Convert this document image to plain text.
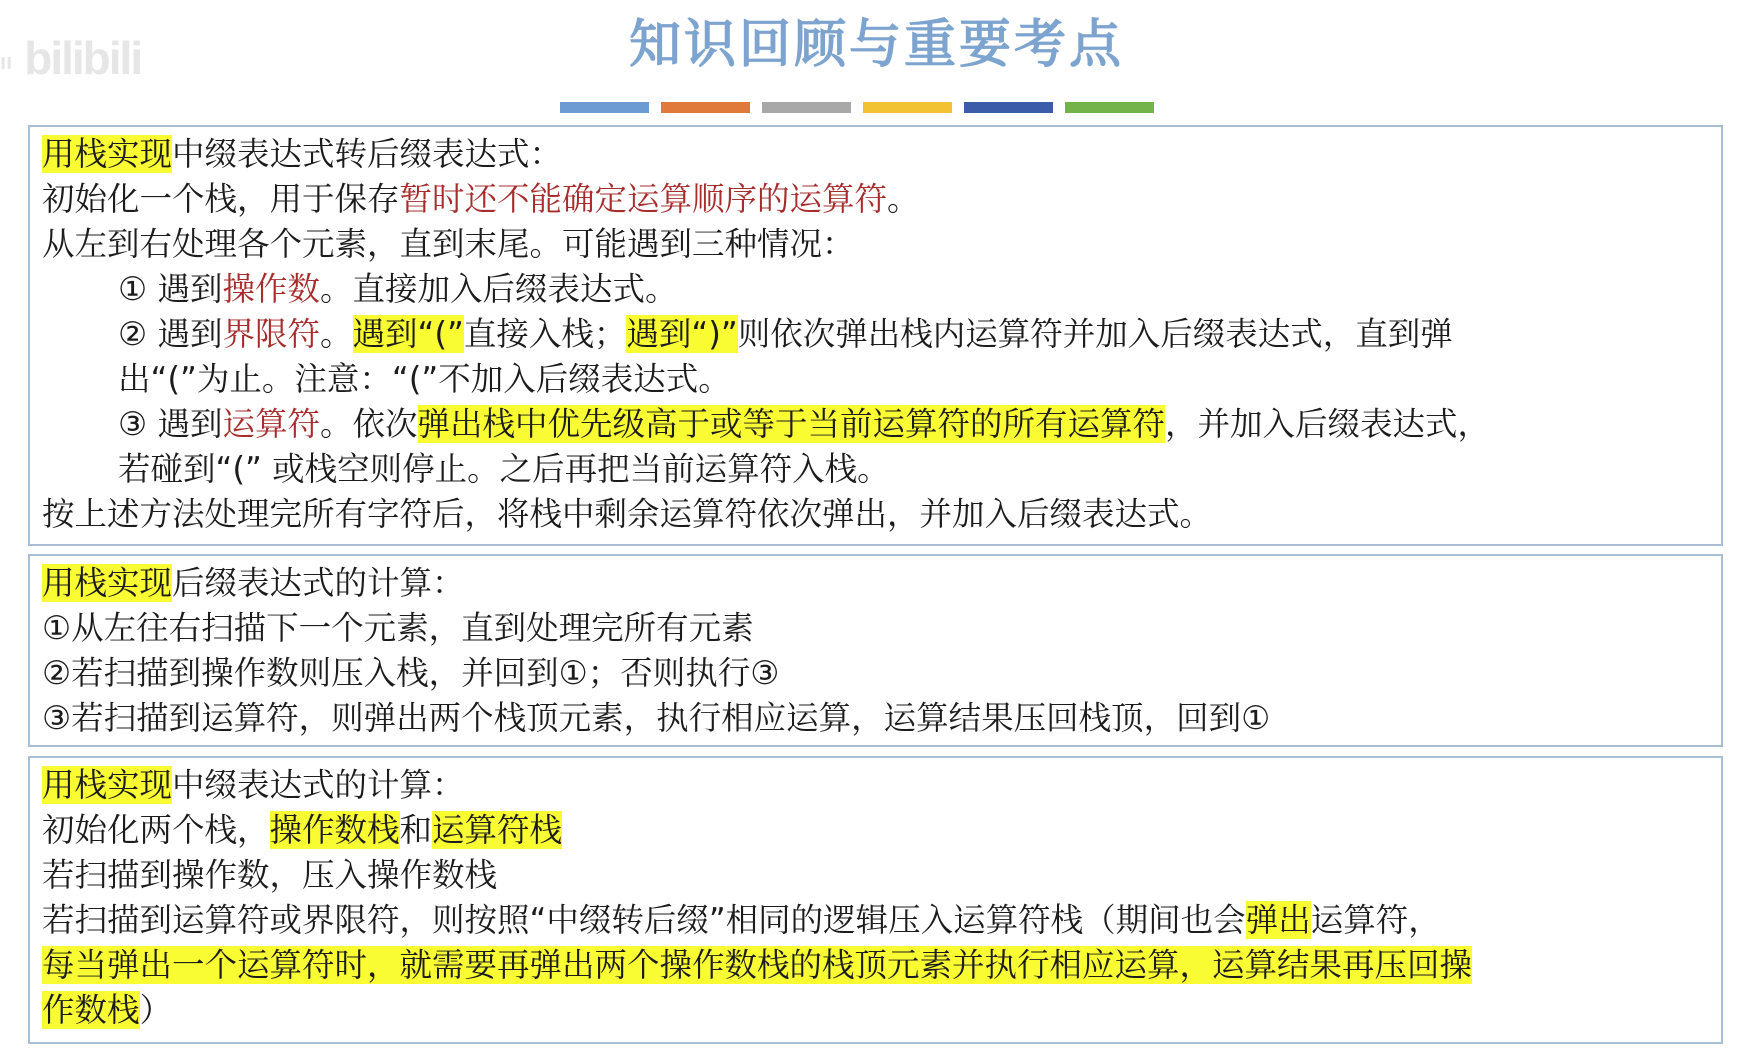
ıı bilibili	知识回顾与重要考点
用栈实现中缀表达式转后缀表达式：
初始化一个栈，用于保存暂时还不能确定运算顺序的运算符。
从左到右处理各个元素，直到末尾。可能遇到三种情况：
① 遇到操作数。直接加入后缀表达式。
② 遇到界限符。遇到“(”直接入栈；遇到“)”则依次弹出栈内运算符并加入后缀表达式，直到弹
出“(”为止。注意：“(”不加入后缀表达式。
③ 遇到运算符。依次弹出栈中优先级高于或等于当前运算符的所有运算符，并加入后缀表达式，
若碰到“(” 或栈空则停止。之后再把当前运算符入栈。
按上述方法处理完所有字符后，将栈中剩余运算符依次弹出，并加入后缀表达式。
用栈实现后缀表达式的计算：
①从左往右扫描下一个元素，直到处理完所有元素
②若扫描到操作数则压入栈，并回到①；否则执行③
③若扫描到运算符，则弹出两个栈顶元素，执行相应运算，运算结果压回栈顶，回到①
用栈实现中缀表达式的计算：
初始化两个栈，操作数栈和运算符栈
若扫描到操作数，压入操作数栈
若扫描到运算符或界限符，则按照“中缀转后缀”相同的逻辑压入运算符栈（期间也会弹出运算符，
每当弹出一个运算符时，就需要再弹出两个操作数栈的栈顶元素并执行相应运算，运算结果再压回操
作数栈）
